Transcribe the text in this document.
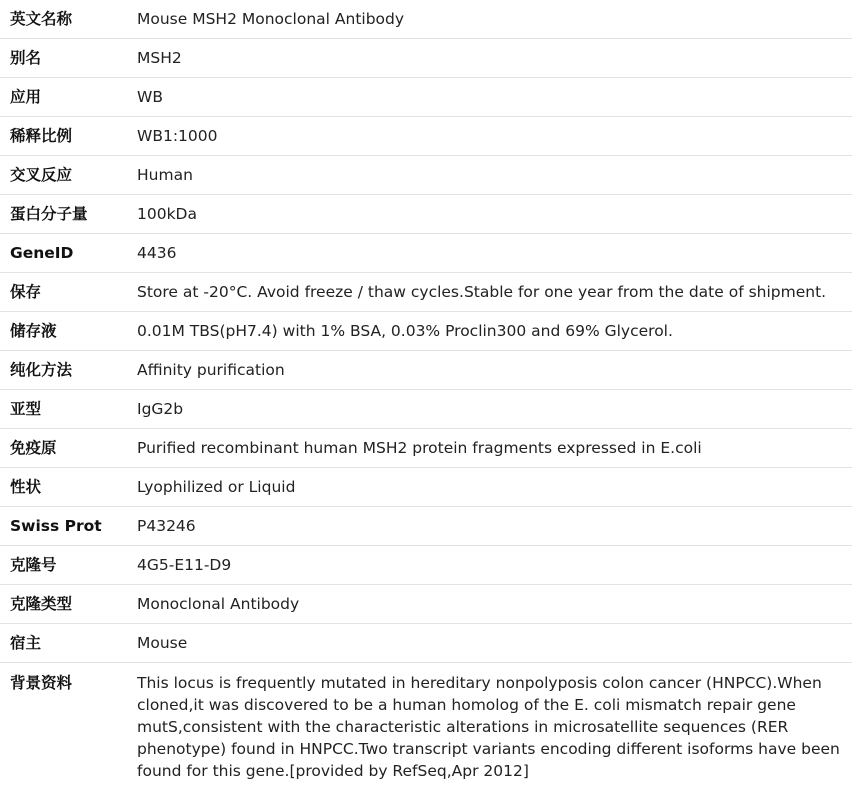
英文名称	Mouse MSH2 Monoclonal Antibody
别名	MSH2
应用	WB
稀释比例	WB1:1000
交叉反应	Human
蛋白分子量	100kDa
GeneID	4436
保存	Store at -20°C. Avoid freeze / thaw cycles.Stable for one year from the date of shipment.
储存液	0.01M TBS(pH7.4) with 1% BSA, 0.03% Proclin300 and 69% Glycerol.
纯化方法	Affinity purification
亚型	IgG2b
免疫原	Purified recombinant human MSH2 protein fragments expressed in E.coli
性状	Lyophilized or Liquid
Swiss Prot	P43246
克隆号	4G5-E11-D9
克隆类型	Monoclonal Antibody
宿主	Mouse
背景资料	This locus is frequently mutated in hereditary nonpolyposis colon cancer (HNPCC).When cloned,it was discovered to be a human homolog of the E. coli mismatch repair gene mutS,consistent with the characteristic alterations in microsatellite sequences (RER phenotype) found in HNPCC.Two transcript variants encoding different isoforms have been found for this gene.[provided by RefSeq,Apr 2012]
